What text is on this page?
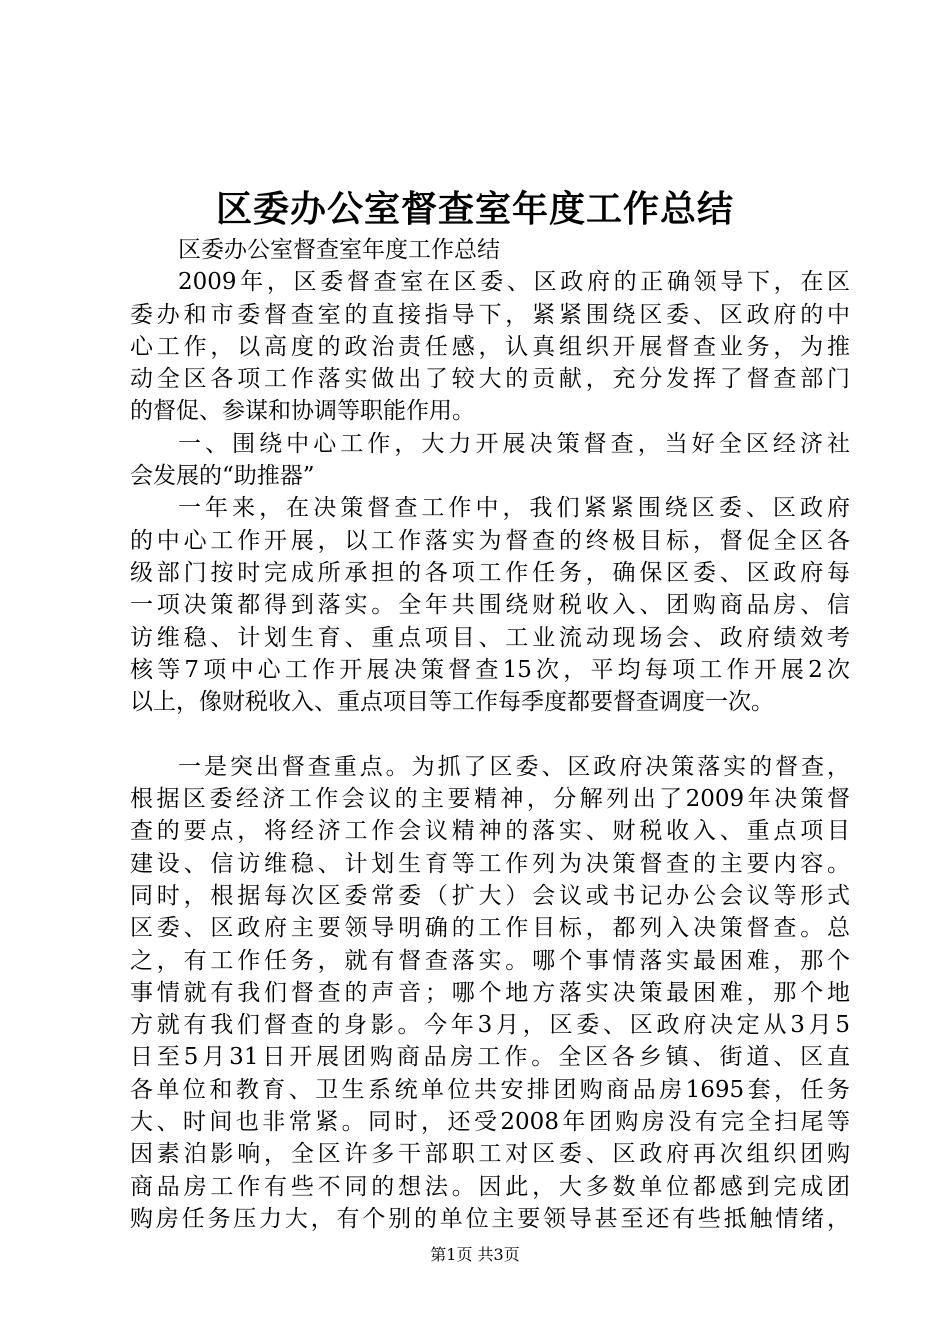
区委办公室督查室年度工作总结
区委办公室督查室年度工作总结
2009年，区委督查室在区委、区政府的正确领导下，在区
委办和市委督查室的直接指导下，紧紧围绕区委、区政府的中
心工作，以高度的政治责任感，认真组织开展督查业务，为推
动全区各项工作落实做出了较大的贡献，充分发挥了督查部门
的督促、参谋和协调等职能作用。
一、围绕中心工作，大力开展决策督查，当好全区经济社
会发展的“助推器”
一年来，在决策督查工作中，我们紧紧围绕区委、区政府
的中心工作开展，以工作落实为督查的终极目标，督促全区各
级部门按时完成所承担的各项工作任务，确保区委、区政府每
一项决策都得到落实。全年共围绕财税收入、团购商品房、信
访维稳、计划生育、重点项目、工业流动现场会、政府绩效考
核等7项中心工作开展决策督查15次，平均每项工作开展2次
以上，像财税收入、重点项目等工作每季度都要督查调度一次。
一是突出督查重点。为抓了区委、区政府决策落实的督查，
根据区委经济工作会议的主要精神，分解列出了2009年决策督
查的要点，将经济工作会议精神的落实、财税收入、重点项目
建设、信访维稳、计划生育等工作列为决策督查的主要内容。
同时，根据每次区委常委（扩大）会议或书记办公会议等形式
区委、区政府主要领导明确的工作目标，都列入决策督查。总
之，有工作任务，就有督查落实。哪个事情落实最困难，那个
事情就有我们督查的声音；哪个地方落实决策最困难，那个地
方就有我们督查的身影。今年3月，区委、区政府决定从3月5
日至5月31日开展团购商品房工作。全区各乡镇、街道、区直
各单位和教育、卫生系统单位共安排团购商品房1695套，任务
大、时间也非常紧。同时，还受2008年团购房没有完全扫尾等
因素泊影响，全区许多干部职工对区委、区政府再次组织团购
商品房工作有些不同的想法。因此，大多数单位都感到完成团
购房任务压力大，有个别的单位主要领导甚至还有些抵触情绪，
第1页 共3页
